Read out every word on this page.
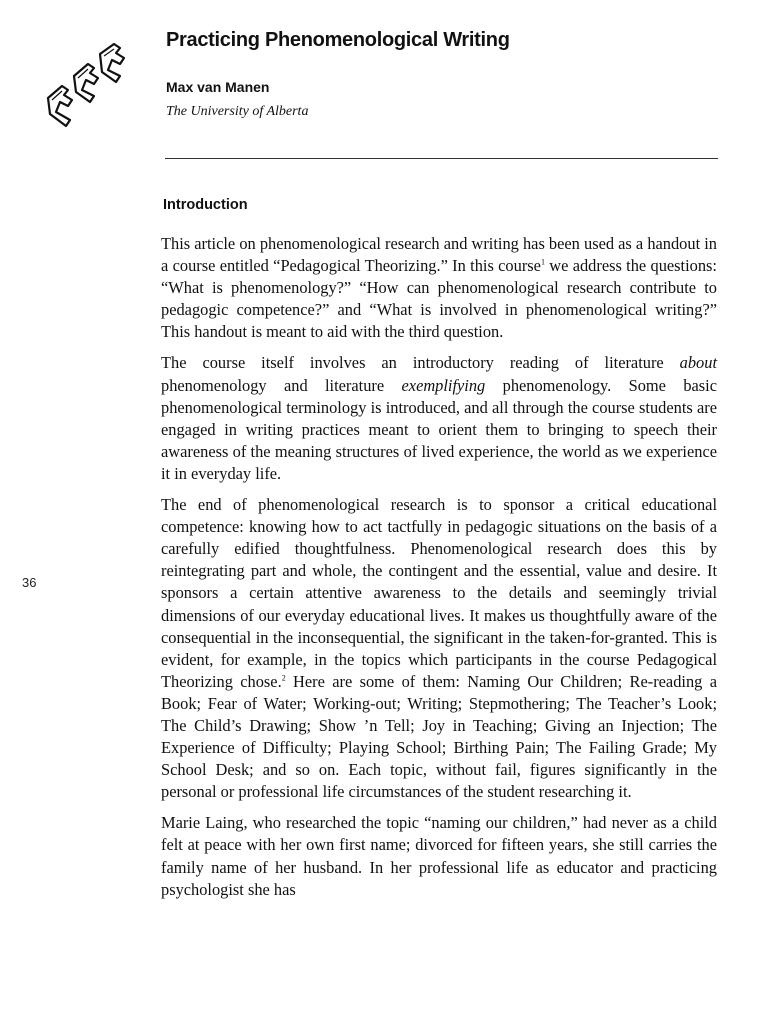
Practicing Phenomenological Writing
Max van Manen
The University of Alberta
Introduction
36

This article on phenomenological research and writing has been used as a handout in a course entitled “Pedagogical Theorizing.” In this course$^1$ we address the questions: “What is phenomenology?” “How can phenomenological research contribute to pedagogic competence?” and “What is involved in phenomenological writing?” This handout is meant to aid with the third question.

The course itself involves an introductory reading of literature about phenomenology and literature exemplifying phenomenology. Some basic phenomenological terminology is introduced, and all through the course students are engaged in writing practices meant to orient them to bringing to speech their awareness of the meaning structures of lived experience, the world as we experience it in everyday life.

The end of phenomenological research is to sponsor a critical educational competence: knowing how to act tactfully in pedagogic situations on the basis of a carefully edified thoughtfulness. Phenomenological research does this by reintegrating part and whole, the contingent and the essential, value and desire. It sponsors a certain attentive awareness to the details and seemingly trivial dimensions of our everyday educational lives. It makes us thoughtfully aware of the consequential in the inconsequential, the significant in the taken-for-granted. This is evident, for example, in the topics which participants in the course Pedagogical Theorizing chose.$^2$ Here are some of them: Naming Our Children; Re-reading a Book; Fear of Water; Working-out; Writing; Stepmothering; The Teacher’s Look; The Child’s Drawing; Show ’n Tell; Joy in Teaching; Giving an Injection; The Experience of Difficulty; Playing School; Birthing Pain; The Failing Grade; My School Desk; and so on. Each topic, without fail, figures significantly in the personal or professional life circumstances of the student researching it.

Marie Laing, who researched the topic “naming our children,” had never as a child felt at peace with her own first name; divorced for fifteen years, she still carries the family name of her husband. In her professional life as educator and practicing psychologist she has
